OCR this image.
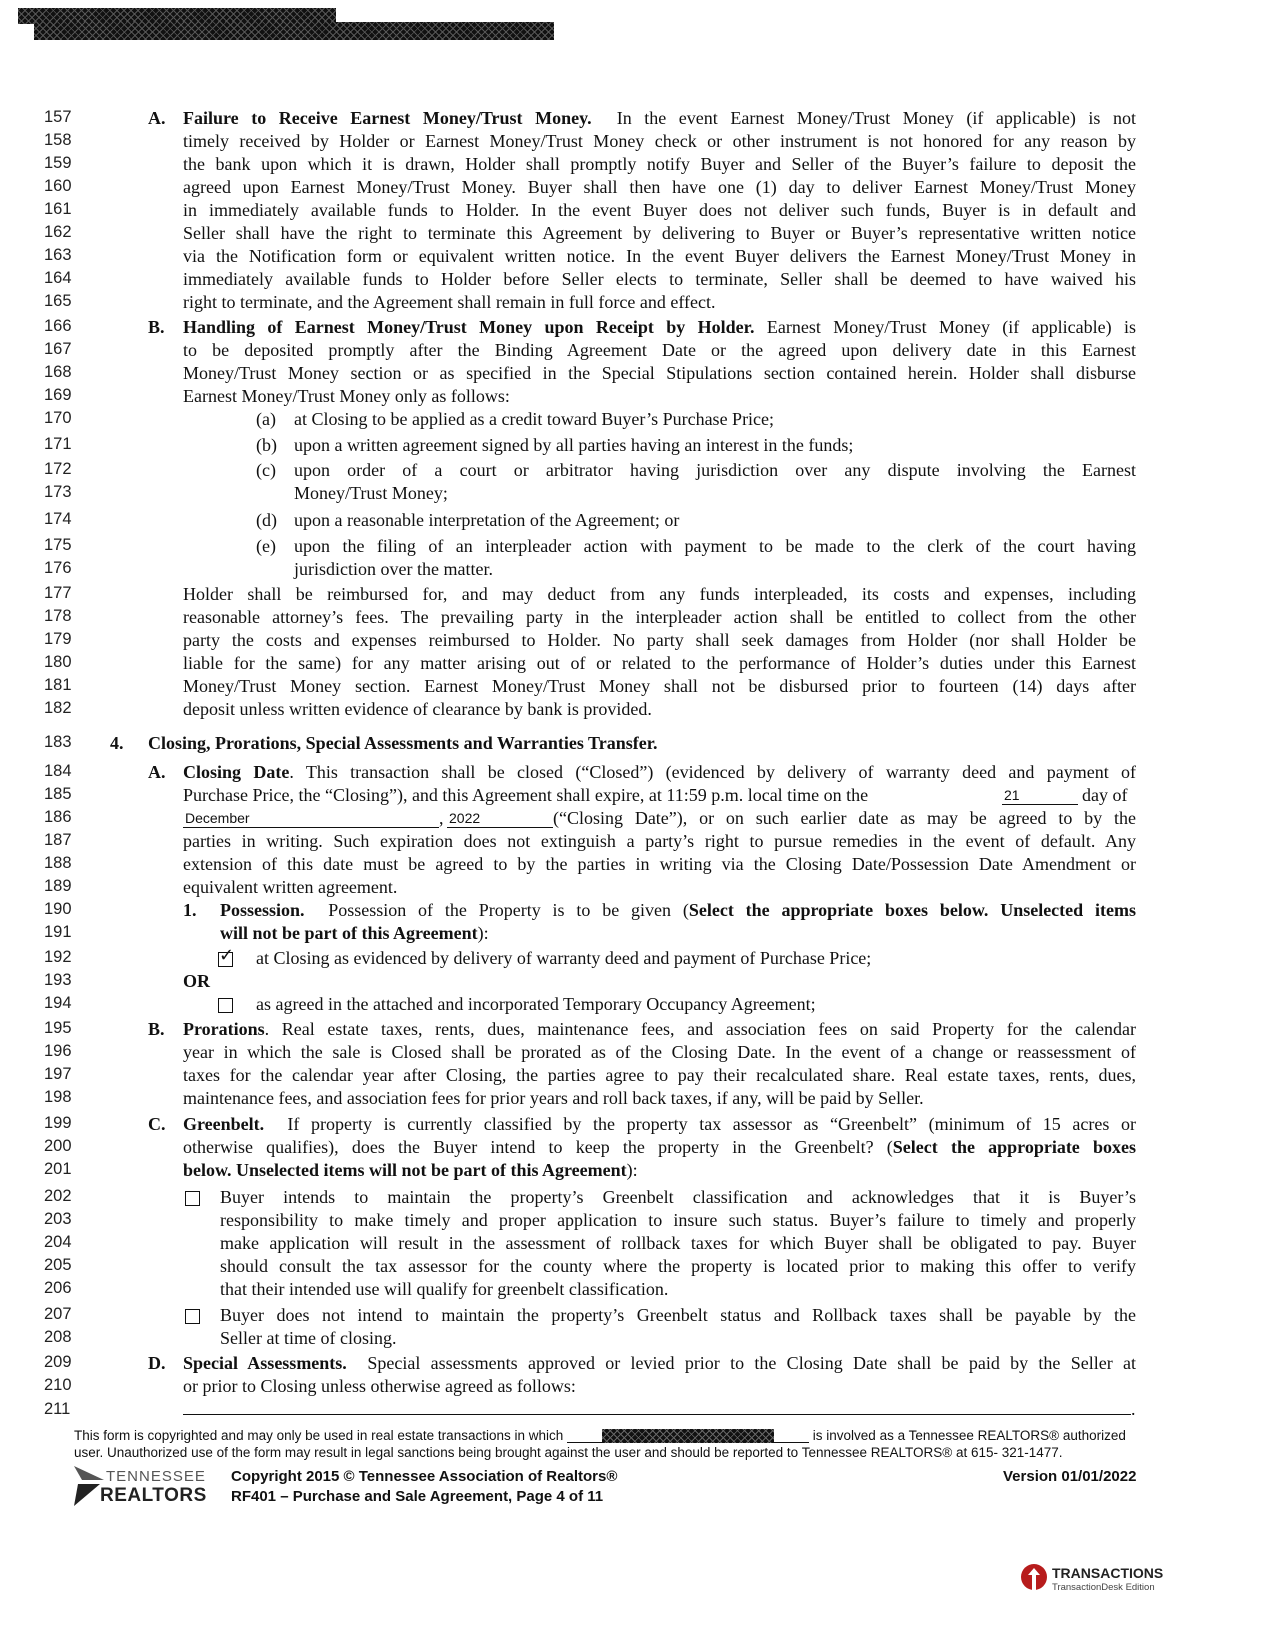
157
158
159
160
161
162
163
164
165
166
167
168
169
170
171
172
173
174
175
176
177
178
179
180
181
182
183
184
185
186
187
188
189
190
191
192
193
194
195
196
197
198
199
200
201
202
203
204
205
206
207
208
209
210
211
A. Failure to Receive Earnest Money/Trust Money. In the event Earnest Money/Trust Money (if applicable) is not
timely received by Holder or Earnest Money/Trust Money check or other instrument is not honored for any reason by
the bank upon which it is drawn, Holder shall promptly notify Buyer and Seller of the Buyer’s failure to deposit the
agreed upon Earnest Money/Trust Money. Buyer shall then have one (1) day to deliver Earnest Money/Trust Money
in immediately available funds to Holder. In the event Buyer does not deliver such funds, Buyer is in default and
Seller shall have the right to terminate this Agreement by delivering to Buyer or Buyer’s representative written notice
via the Notification form or equivalent written notice. In the event Buyer delivers the Earnest Money/Trust Money in
immediately available funds to Holder before Seller elects to terminate, Seller shall be deemed to have waived his
right to terminate, and the Agreement shall remain in full force and effect.
B. Handling of Earnest Money/Trust Money upon Receipt by Holder. Earnest Money/Trust Money (if applicable) is
to be deposited promptly after the Binding Agreement Date or the agreed upon delivery date in this Earnest
Money/Trust Money section or as specified in the Special Stipulations section contained herein. Holder shall disburse
Earnest Money/Trust Money only as follows:
(a) at Closing to be applied as a credit toward Buyer’s Purchase Price;
(b) upon a written agreement signed by all parties having an interest in the funds;
(c) upon order of a court or arbitrator having jurisdiction over any dispute involving the Earnest
Money/Trust Money;
(d) upon a reasonable interpretation of the Agreement; or
(e) upon the filing of an interpleader action with payment to be made to the clerk of the court having
jurisdiction over the matter.
Holder shall be reimbursed for, and may deduct from any funds interpleaded, its costs and expenses, including
reasonable attorney’s fees. The prevailing party in the interpleader action shall be entitled to collect from the other
party the costs and expenses reimbursed to Holder. No party shall seek damages from Holder (nor shall Holder be
liable for the same) for any matter arising out of or related to the performance of Holder’s duties under this Earnest
Money/Trust Money section. Earnest Money/Trust Money shall not be disbursed prior to fourteen (14) days after
deposit unless written evidence of clearance by bank is provided.
4. Closing, Prorations, Special Assessments and Warranties Transfer.
A. Closing Date. This transaction shall be closed (“Closed”) (evidenced by delivery of warranty deed and payment of
Purchase Price, the “Closing”), and this Agreement shall expire, at 11:59 p.m. local time on the	21	day of
December	, 2022	(“Closing Date”), or on such earlier date as may be agreed to by the
parties in writing. Such expiration does not extinguish a party’s right to pursue remedies in the event of default. Any
extension of this date must be agreed to by the parties in writing via the Closing Date/Possession Date Amendment or
equivalent written agreement.
1. Possession. Possession of the Property is to be given (Select the appropriate boxes below. Unselected items
will not be part of this Agreement):
✓ at Closing as evidenced by delivery of warranty deed and payment of Purchase Price;
OR
as agreed in the attached and incorporated Temporary Occupancy Agreement;
B. Prorations. Real estate taxes, rents, dues, maintenance fees, and association fees on said Property for the calendar
year in which the sale is Closed shall be prorated as of the Closing Date. In the event of a change or reassessment of
taxes for the calendar year after Closing, the parties agree to pay their recalculated share. Real estate taxes, rents, dues,
maintenance fees, and association fees for prior years and roll back taxes, if any, will be paid by Seller.
C. Greenbelt. If property is currently classified by the property tax assessor as “Greenbelt” (minimum of 15 acres or
otherwise qualifies), does the Buyer intend to keep the property in the Greenbelt? (Select the appropriate boxes
below. Unselected items will not be part of this Agreement):
Buyer intends to maintain the property’s Greenbelt classification and acknowledges that it is Buyer’s
responsibility to make timely and proper application to insure such status. Buyer’s failure to timely and properly
make application will result in the assessment of rollback taxes for which Buyer shall be obligated to pay. Buyer
should consult the tax assessor for the county where the property is located prior to making this offer to verify
that their intended use will qualify for greenbelt classification.
Buyer does not intend to maintain the property’s Greenbelt status and Rollback taxes shall be payable by the
Seller at time of closing.
D. Special Assessments. Special assessments approved or levied prior to the Closing Date shall be paid by the Seller at
or prior to Closing unless otherwise agreed as follows:
.
This form is copyrighted and may only be used in real estate transactions in which	is involved as a Tennessee REALTORS® authorized
user. Unauthorized use of the form may result in legal sanctions being brought against the user and should be reported to Tennessee REALTORS® at 615- 321-1477.
TENNESSEE
REALTORS
Copyright 2015 © Tennessee Association of Realtors®
RF401 – Purchase and Sale Agreement, Page 4 of 11
Version 01/01/2022
TRANSACTIONS
TransactionDesk Edition
